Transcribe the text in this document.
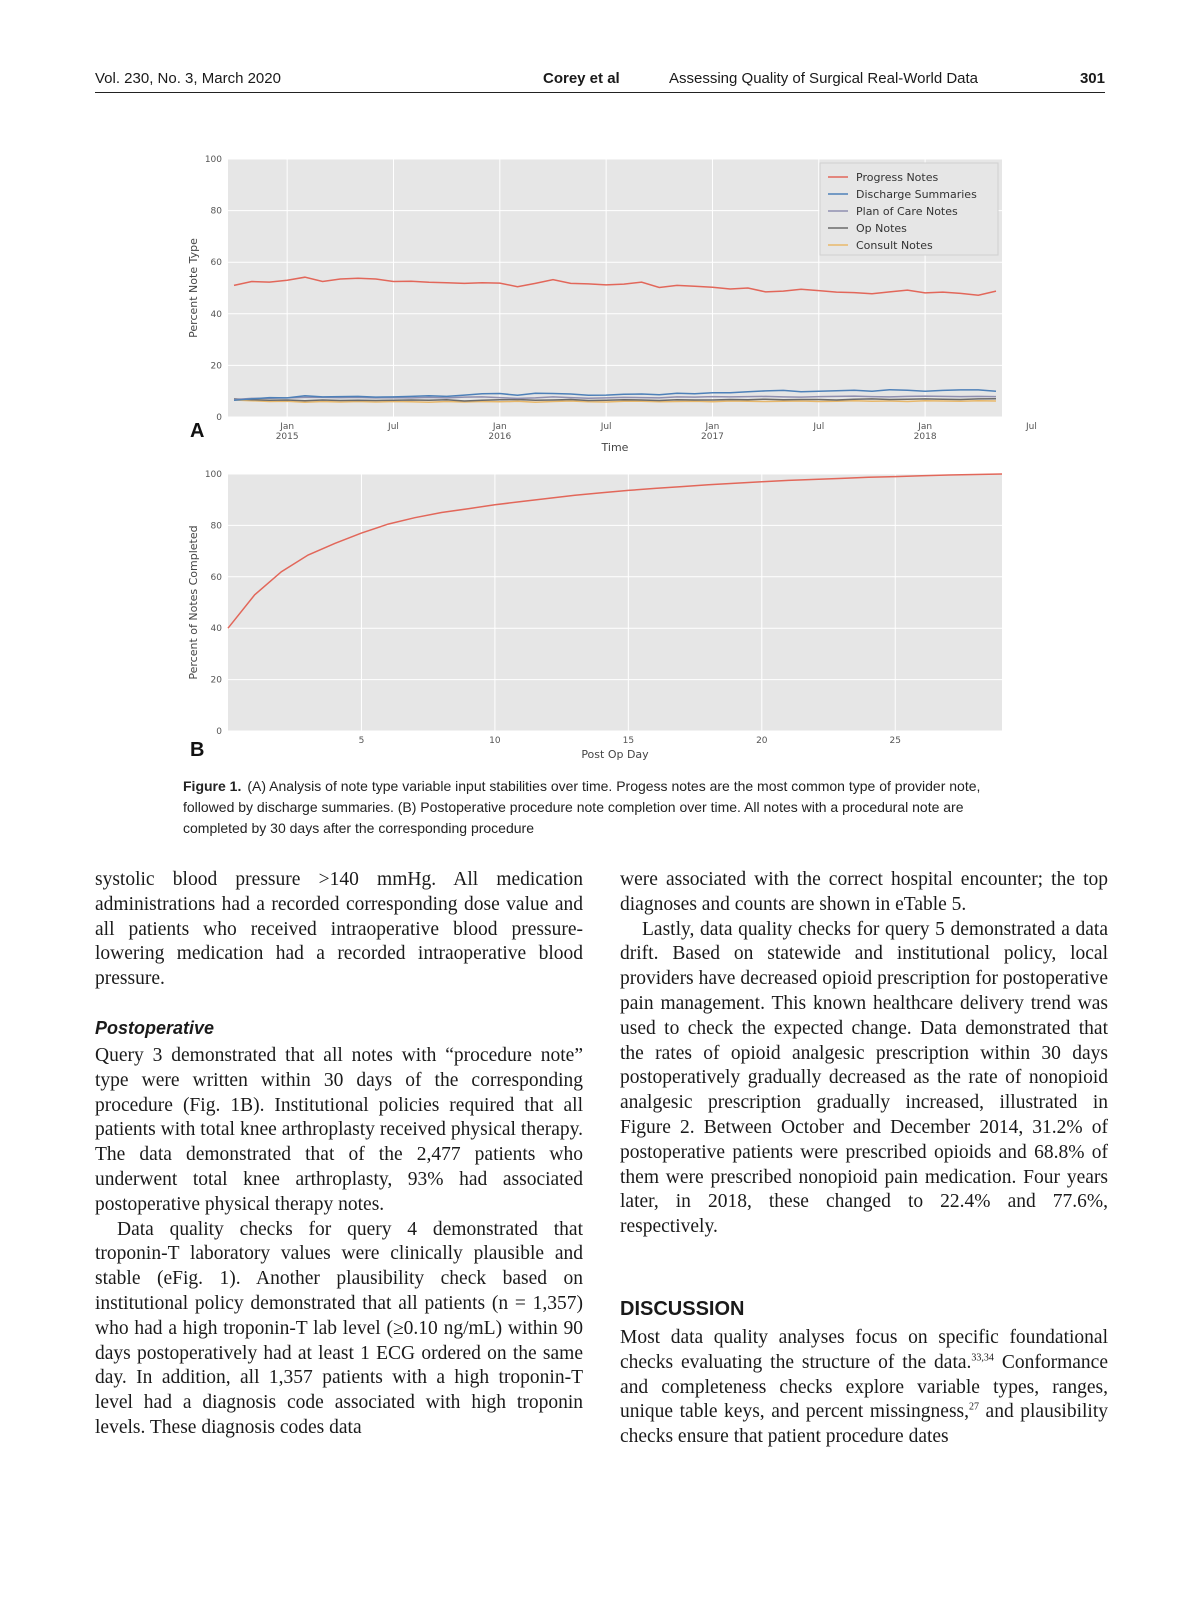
Vol. 230, No. 3, March 2020	Corey et al	Assessing Quality of Surgical Real-World Data	301
0
20
40
60
80
100
Jan
2015
Jul	Jan
2016
Jul	Jan
2017
Jul	Jan
2018
Jul
Progress Notes
Discharge Summaries
Plan of Care Notes
Op Notes
Consult Notes
Time
Percent Note Type
A
0
20
40
60
80
100
5	10	15	20	25
Post Op Day
Percent of Notes Completed
B
Figure 1. (A) Analysis of note type variable input stabilities over time. Progess notes are the most common type of provider note, followed by discharge summaries. (B) Postoperative procedure note completion over time. All notes with a procedural note are completed by 30 days after the corresponding procedure

systolic blood pressure >140 mmHg. All medication administrations had a recorded corresponding dose value and all patients who received intraoperative blood pressure-lowering medication had a recorded intraoperative blood pressure.

Postoperative

Query 3 demonstrated that all notes with “procedure note” type were written within 30 days of the corresponding procedure (Fig. 1B). Institutional policies required that all patients with total knee arthroplasty received physical therapy. The data demonstrated that of the 2,477 patients who underwent total knee arthroplasty, 93% had associated postoperative physical therapy notes.

Data quality checks for query 4 demonstrated that troponin-T laboratory values were clinically plausible and stable (eFig. 1). Another plausibility check based on institutional policy demonstrated that all patients (n = 1,357) who had a high troponin-T lab level (≥0.10 ng/mL) within 90 days postoperatively had at least 1 ECG ordered on the same day. In addition, all 1,357 patients with a high troponin-T level had a diagnosis code associated with high troponin levels. These diagnosis codes data

were associated with the correct hospital encounter; the top diagnoses and counts are shown in eTable 5.

Lastly, data quality checks for query 5 demonstrated a data drift. Based on statewide and institutional policy, local providers have decreased opioid prescription for postoperative pain management. This known healthcare delivery trend was used to check the expected change. Data demonstrated that the rates of opioid analgesic prescription within 30 days postoperatively gradually decreased as the rate of nonopioid analgesic prescription gradually increased, illustrated in Figure 2. Between October and December 2014, 31.2% of postoperative patients were prescribed opioids and 68.8% of them were prescribed nonopioid pain medication. Four years later, in 2018, these changed to 22.4% and 77.6%, respectively.

DISCUSSION

Most data quality analyses focus on specific foundational checks evaluating the structure of the data.$^{33,34}$ Conformance and completeness checks explore variable types, ranges, unique table keys, and percent missingness,$^{27}$ and plausibility checks ensure that patient procedure dates
